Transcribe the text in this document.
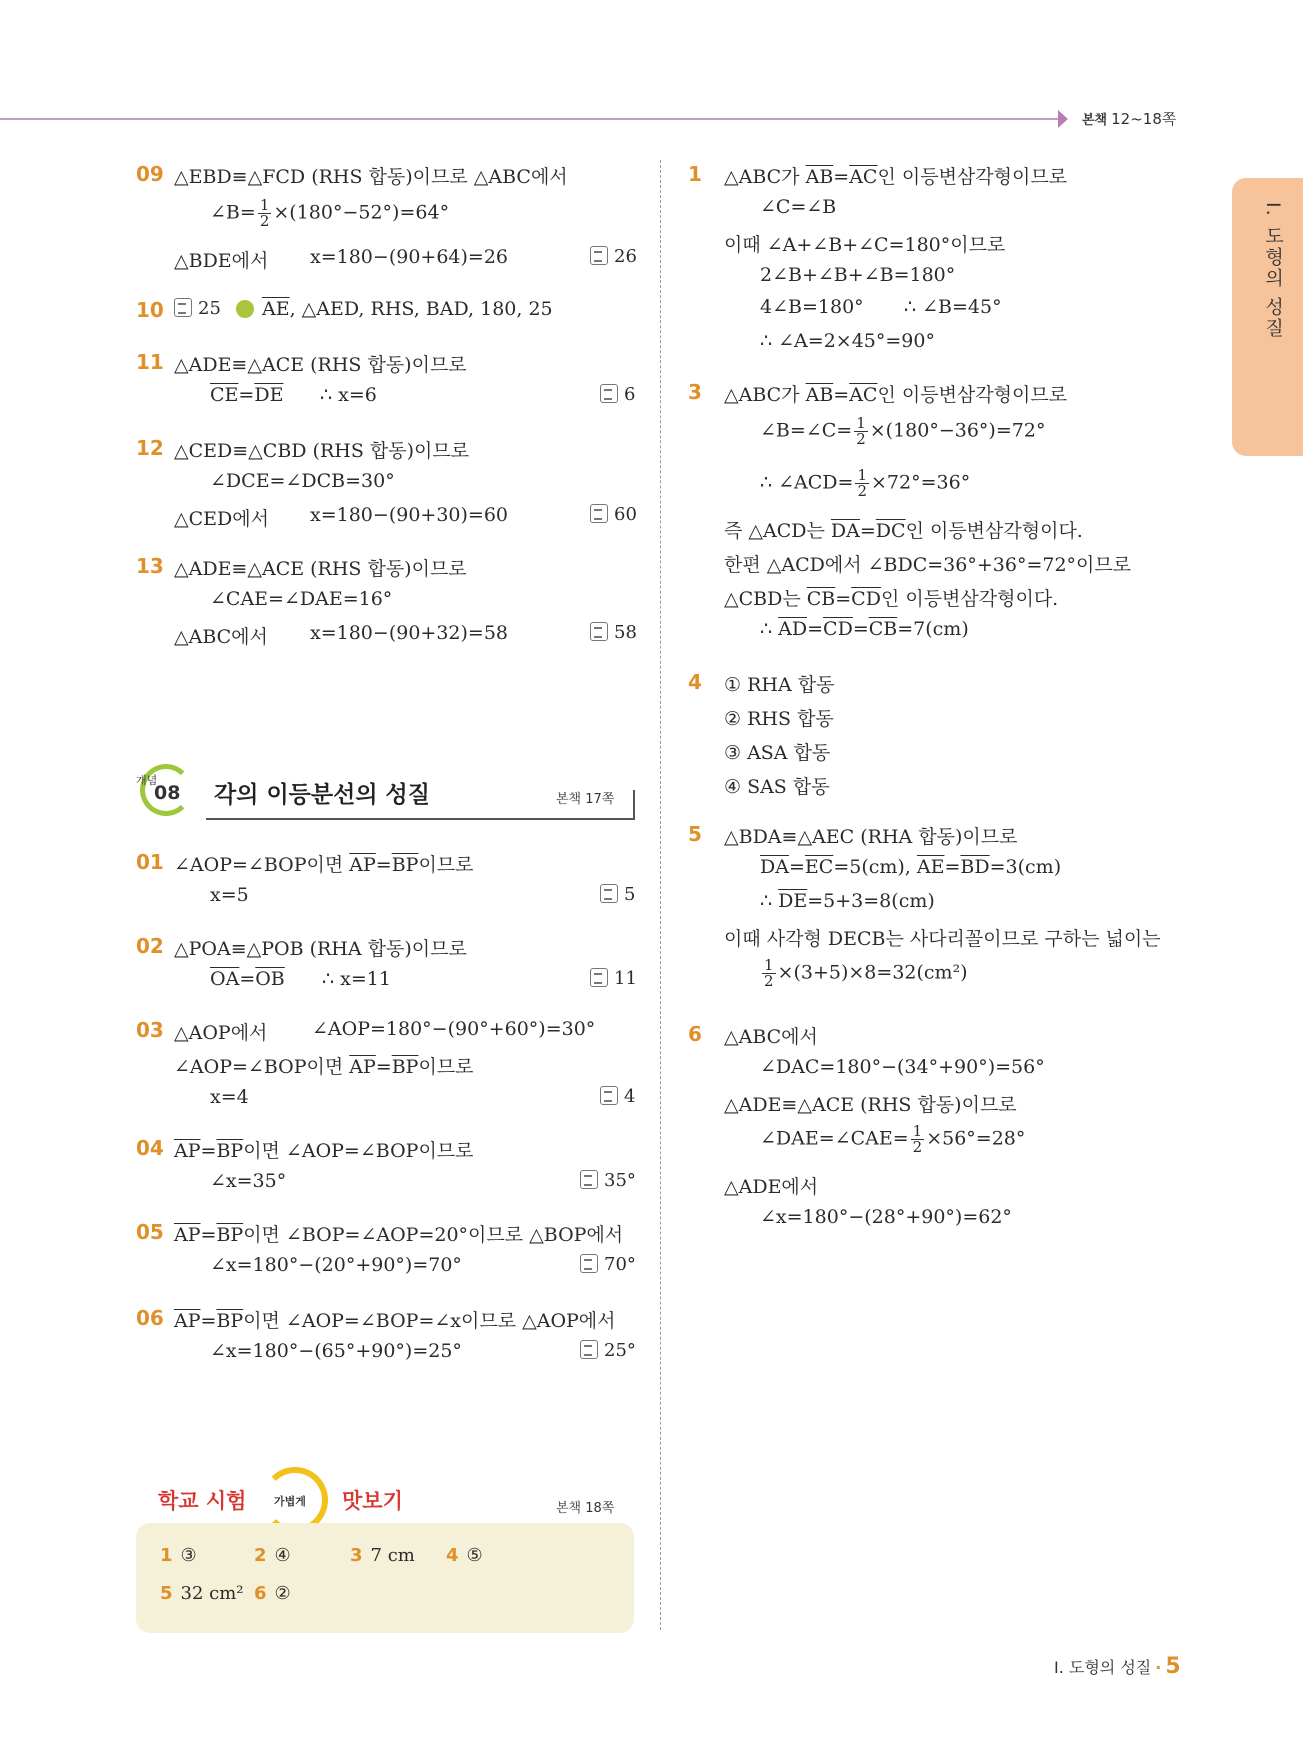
본책 12~18쪽
I. 도형의 성질
09 △EBD≡△FCD (RHS 합동)이므로 △ABC에서
∠B= $\frac{1}{2} \times(180^\circ-52^\circ)=64^\circ$
△BDE에서 x=180−(90+64)=26	26
10	25	$\overline{AE}$, △AED, RHS, BAD, 180, 25
11 △ADE≡△ACE (RHS 합동)이므로
$\overline{CE}=\overline{DE}$ ∴ x=6	6
12 △CED≡△CBD (RHS 합동)이므로
∠DCE=∠DCB=30°
△CED에서 x=180−(90+30)=60	60
13 △ADE≡△ACE (RHS 합동)이므로
∠CAE=∠DAE=16°
△ABC에서 x=180−(90+32)=58	58
개념
08 각의 이등분선의 성질	본책 17쪽
01 ∠AOP=∠BOP이면 $\overline{AP}=\overline{BP}$이므로
x=5	5
02 △POA≡△POB (RHA 합동)이므로
$\overline{OA}=\overline{OB}$ ∴ x=11	11
03 △AOP에서 ∠AOP=180°−(90°+60°)=30°
∠AOP=∠BOP이면 $\overline{AP}=\overline{BP}$이므로
x=4	4
04 $\overline{AP}=\overline{BP}$이면 ∠AOP=∠BOP이므로
∠x=35°	35°
05 $\overline{AP}=\overline{BP}$이면 ∠BOP=∠AOP=20°이므로 △BOP에서
∠x=180°−(20°+90°)=70°	70°
06 $\overline{AP}=\overline{BP}$이면 ∠AOP=∠BOP=∠x이므로 △AOP에서
∠x=180°−(65°+90°)=25°	25°
학교 시험	가볍게 맛보기	본책 18쪽
1 ③	2 ④	3 7 cm 4 ⑤
5 32 cm² 6 ②
1 △ABC가 $\overline{AB}=\overline{AC}$인 이등변삼각형이므로
∠C=∠B
이때 ∠A+∠B+∠C=180°이므로
2∠B+∠B+∠B=180°
4∠B=180° ∴ ∠B=45°
∴ ∠A=2×45°=90°
3 △ABC가 $\overline{AB}=\overline{AC}$인 이등변삼각형이므로
∠B=∠C= $\frac{1}{2} \times(180^\circ-36^\circ)=72^\circ$
∴ ∠ACD= $\frac{1}{2} \times 72^\circ=36^\circ$
즉 △ACD는 $\overline{DA}=\overline{DC}$인 이등변삼각형이다.
한편 △ACD에서 ∠BDC=36°+36°=72°이므로
△CBD는 $\overline{CB}=\overline{CD}$인 이등변삼각형이다.
∴ $\overline{AD}=\overline{CD}=\overline{CB}=7(cm)$
4 ① RHA 합동
② RHS 합동
③ ASA 합동
④ SAS 합동
5 △BDA≡△AEC (RHA 합동)이므로
$\overline{DA}=\overline{EC}=5(cm)$, $\overline{AE}=\overline{BD}=3(cm)$
∴ $\overline{DE}=5+3=8(cm)$
이때 사각형 DECB는 사다리꼴이므로 구하는 넓이는
$\frac{1}{2} \times(3+5)\times 8=32(cm^2)$
6 △ABC에서
∠DAC=180°−(34°+90°)=56°
△ADE≡△ACE (RHS 합동)이므로
∠DAE=∠CAE= $\frac{1}{2} \times 56^\circ=28^\circ$
△ADE에서
∠x=180°−(28°+90°)=62°
I. 도형의 성질 · 5
